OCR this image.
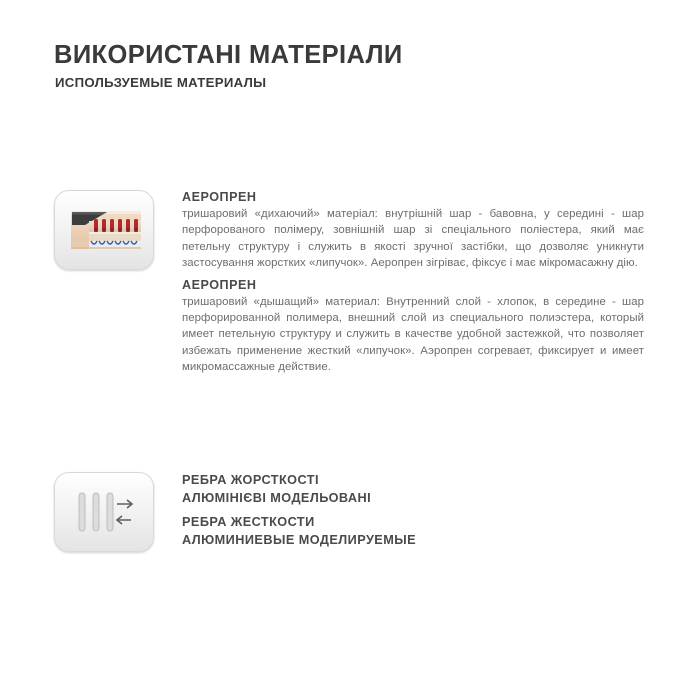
ВИКОРИСТАНІ МАТЕРІАЛИ
ИСПОЛЬЗУЕМЫЕ МАТЕРИАЛЫ
АЕРОПРЕН

тришаровий «дихаючий» матеріал: внутрішній шар - бавовна, у середині - шар перфорованого полімеру, зовнішній шар зі спеціального поліестера, який має петельну структуру і служить в якості зручної застібки, що дозволяє уникнути застосування жорстких «липучок». Аеропрен зігріває, фіксує і має мікромасажну дію.

АЕРОПРЕН

тришаровий «дышащий» материал: Внутренний слой - хлопок, в середине - шар перфорированной полимера, внешний слой из специального полиэстера, который имеет петельную структуру и служить в качестве удобной застежкой, что позволяет избежать применение жесткий «липучок». Аэропрен согревает, фиксирует и имеет микромассажные действие.

РЕБРА ЖОРСТКОСТІ
АЛЮМІНІЄВІ МОДЕЛЬОВАНІ
РЕБРА ЖЕСТКОСТИ
АЛЮМИНИЕВЫЕ МОДЕЛИРУЕМЫЕ
